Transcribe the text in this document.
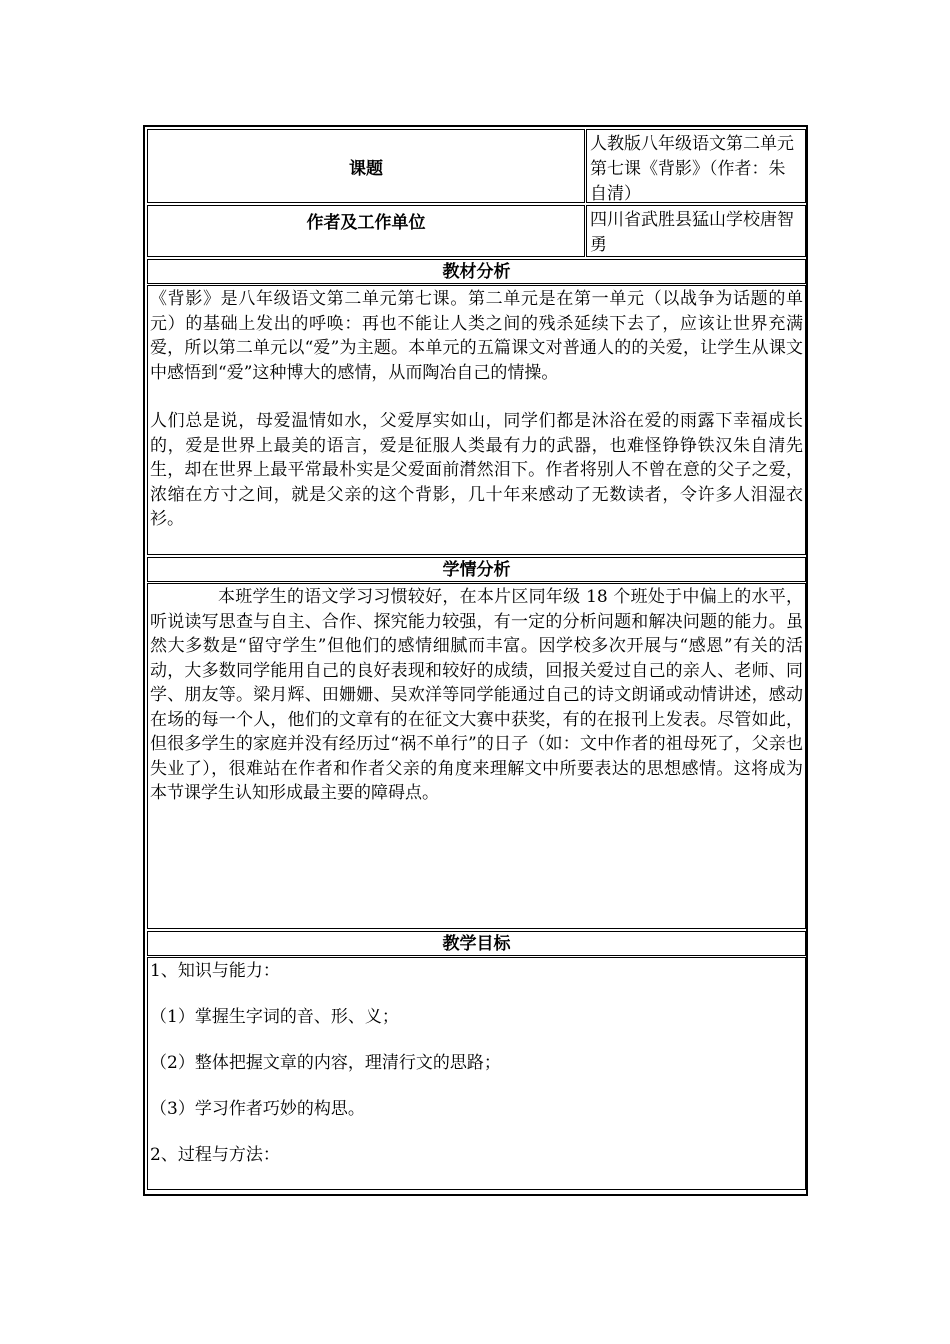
课题
人教版八年级语文第二单元第七课《背影》（作者：朱自清）
作者及工作单位	四川省武胜县猛山学校唐智勇
教材分析

《背影》是八年级语文第二单元第七课。第二单元是在第一单元（以战争为话题的单元）的基础上发出的呼唤：再也不能让人类之间的残杀延续下去了，应该让世界充满爱，所以第二单元以“爱”为主题。本单元的五篇课文对普通人的的关爱，让学生从课文中感悟到“爱”这种博大的感情，从而陶冶自己的情操。

人们总是说，母爱温情如水，父爱厚实如山，同学们都是沐浴在爱的雨露下幸福成长的，爱是世界上最美的语言，爱是征服人类最有力的武器，也难怪铮铮铁汉朱自清先生，却在世界上最平常最朴实是父爱面前潸然泪下。作者将别人不曾在意的父子之爱，浓缩在方寸之间，就是父亲的这个背影，几十年来感动了无数读者，令许多人泪湿衣衫。

学情分析

本班学生的语文学习习惯较好，在本片区同年级 18 个班处于中偏上的水平，听说读写思查与自主、合作、探究能力较强，有一定的分析问题和解决问题的能力。虽然大多数是“留守学生”但他们的感情细腻而丰富。因学校多次开展与“感恩”有关的活动，大多数同学能用自己的良好表现和较好的成绩，回报关爱过自己的亲人、老师、同学、朋友等。梁月辉、田姗姗、吴欢洋等同学能通过自己的诗文朗诵或动情讲述，感动在场的每一个人，他们的文章有的在征文大赛中获奖，有的在报刊上发表。尽管如此，但很多学生的家庭并没有经历过“祸不单行”的日子（如：文中作者的祖母死了，父亲也失业了），很难站在作者和作者父亲的角度来理解文中所要表达的思想感情。这将成为本节课学生认知形成最主要的障碍点。

教学目标

1、知识与能力：

（1）掌握生字词的音、形、义；

（2）整体把握文章的内容，理清行文的思路；

（3）学习作者巧妙的构思。

2、过程与方法：
